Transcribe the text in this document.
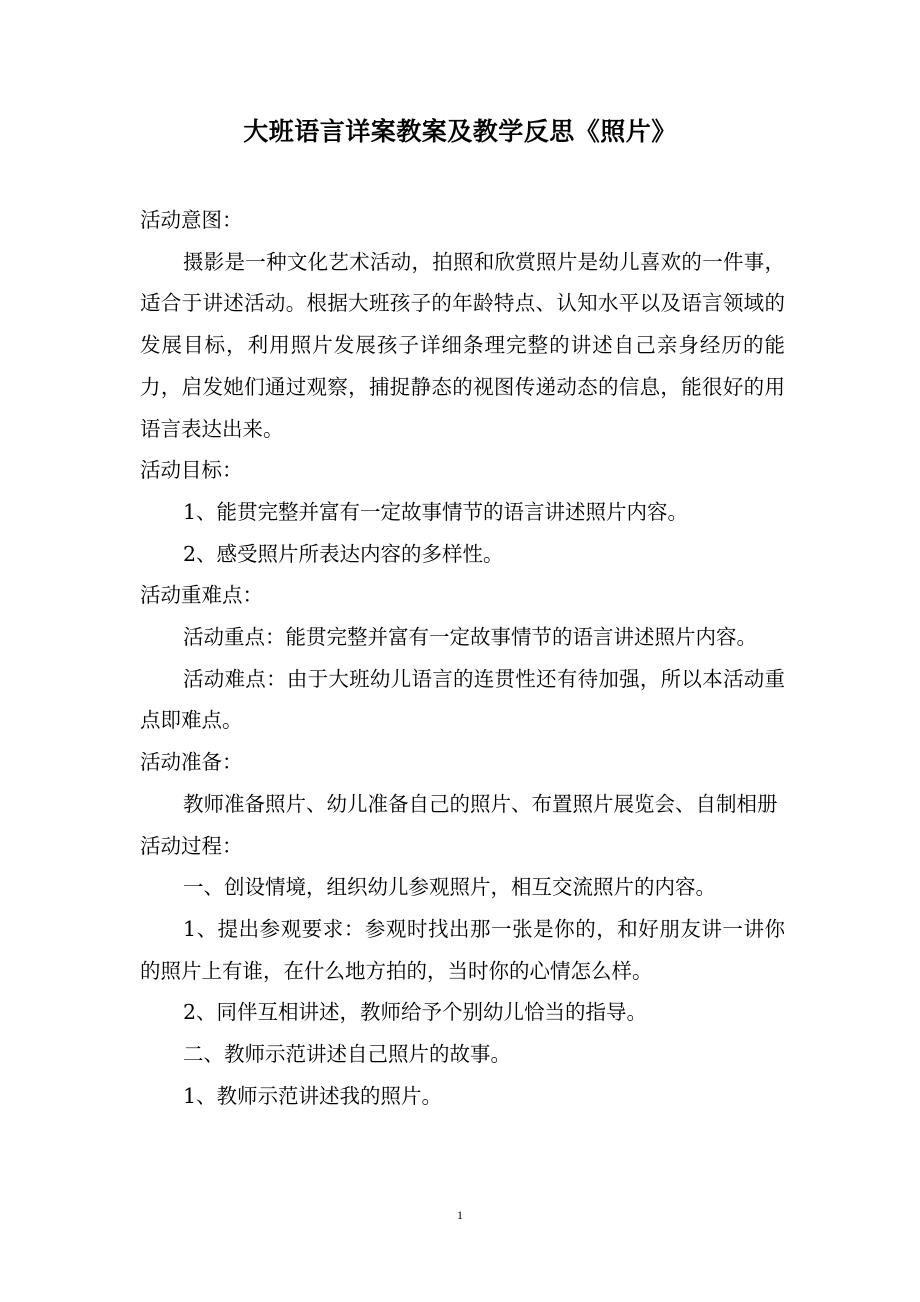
大班语言详案教案及教学反思《照片》

活动意图：

摄影是一种文化艺术活动，拍照和欣赏照片是幼儿喜欢的一件事，适合于讲述活动。根据大班孩子的年龄特点、认知水平以及语言领域的发展目标，利用照片发展孩子详细条理完整的讲述自己亲身经历的能力，启发她们通过观察，捕捉静态的视图传递动态的信息，能很好的用语言表达出来。

活动目标：

1、能贯完整并富有一定故事情节的语言讲述照片内容。

2、感受照片所表达内容的多样性。

活动重难点：

活动重点：能贯完整并富有一定故事情节的语言讲述照片内容。

活动难点：由于大班幼儿语言的连贯性还有待加强，所以本活动重点即难点。

活动准备：

教师准备照片、幼儿准备自己的照片、布置照片展览会、自制相册

活动过程：

一、创设情境，组织幼儿参观照片，相互交流照片的内容。

1、提出参观要求：参观时找出那一张是你的，和好朋友讲一讲你的照片上有谁，在什么地方拍的，当时你的心情怎么样。

2、同伴互相讲述，教师给予个别幼儿恰当的指导。

二、教师示范讲述自己照片的故事。

1、教师示范讲述我的照片。

1
